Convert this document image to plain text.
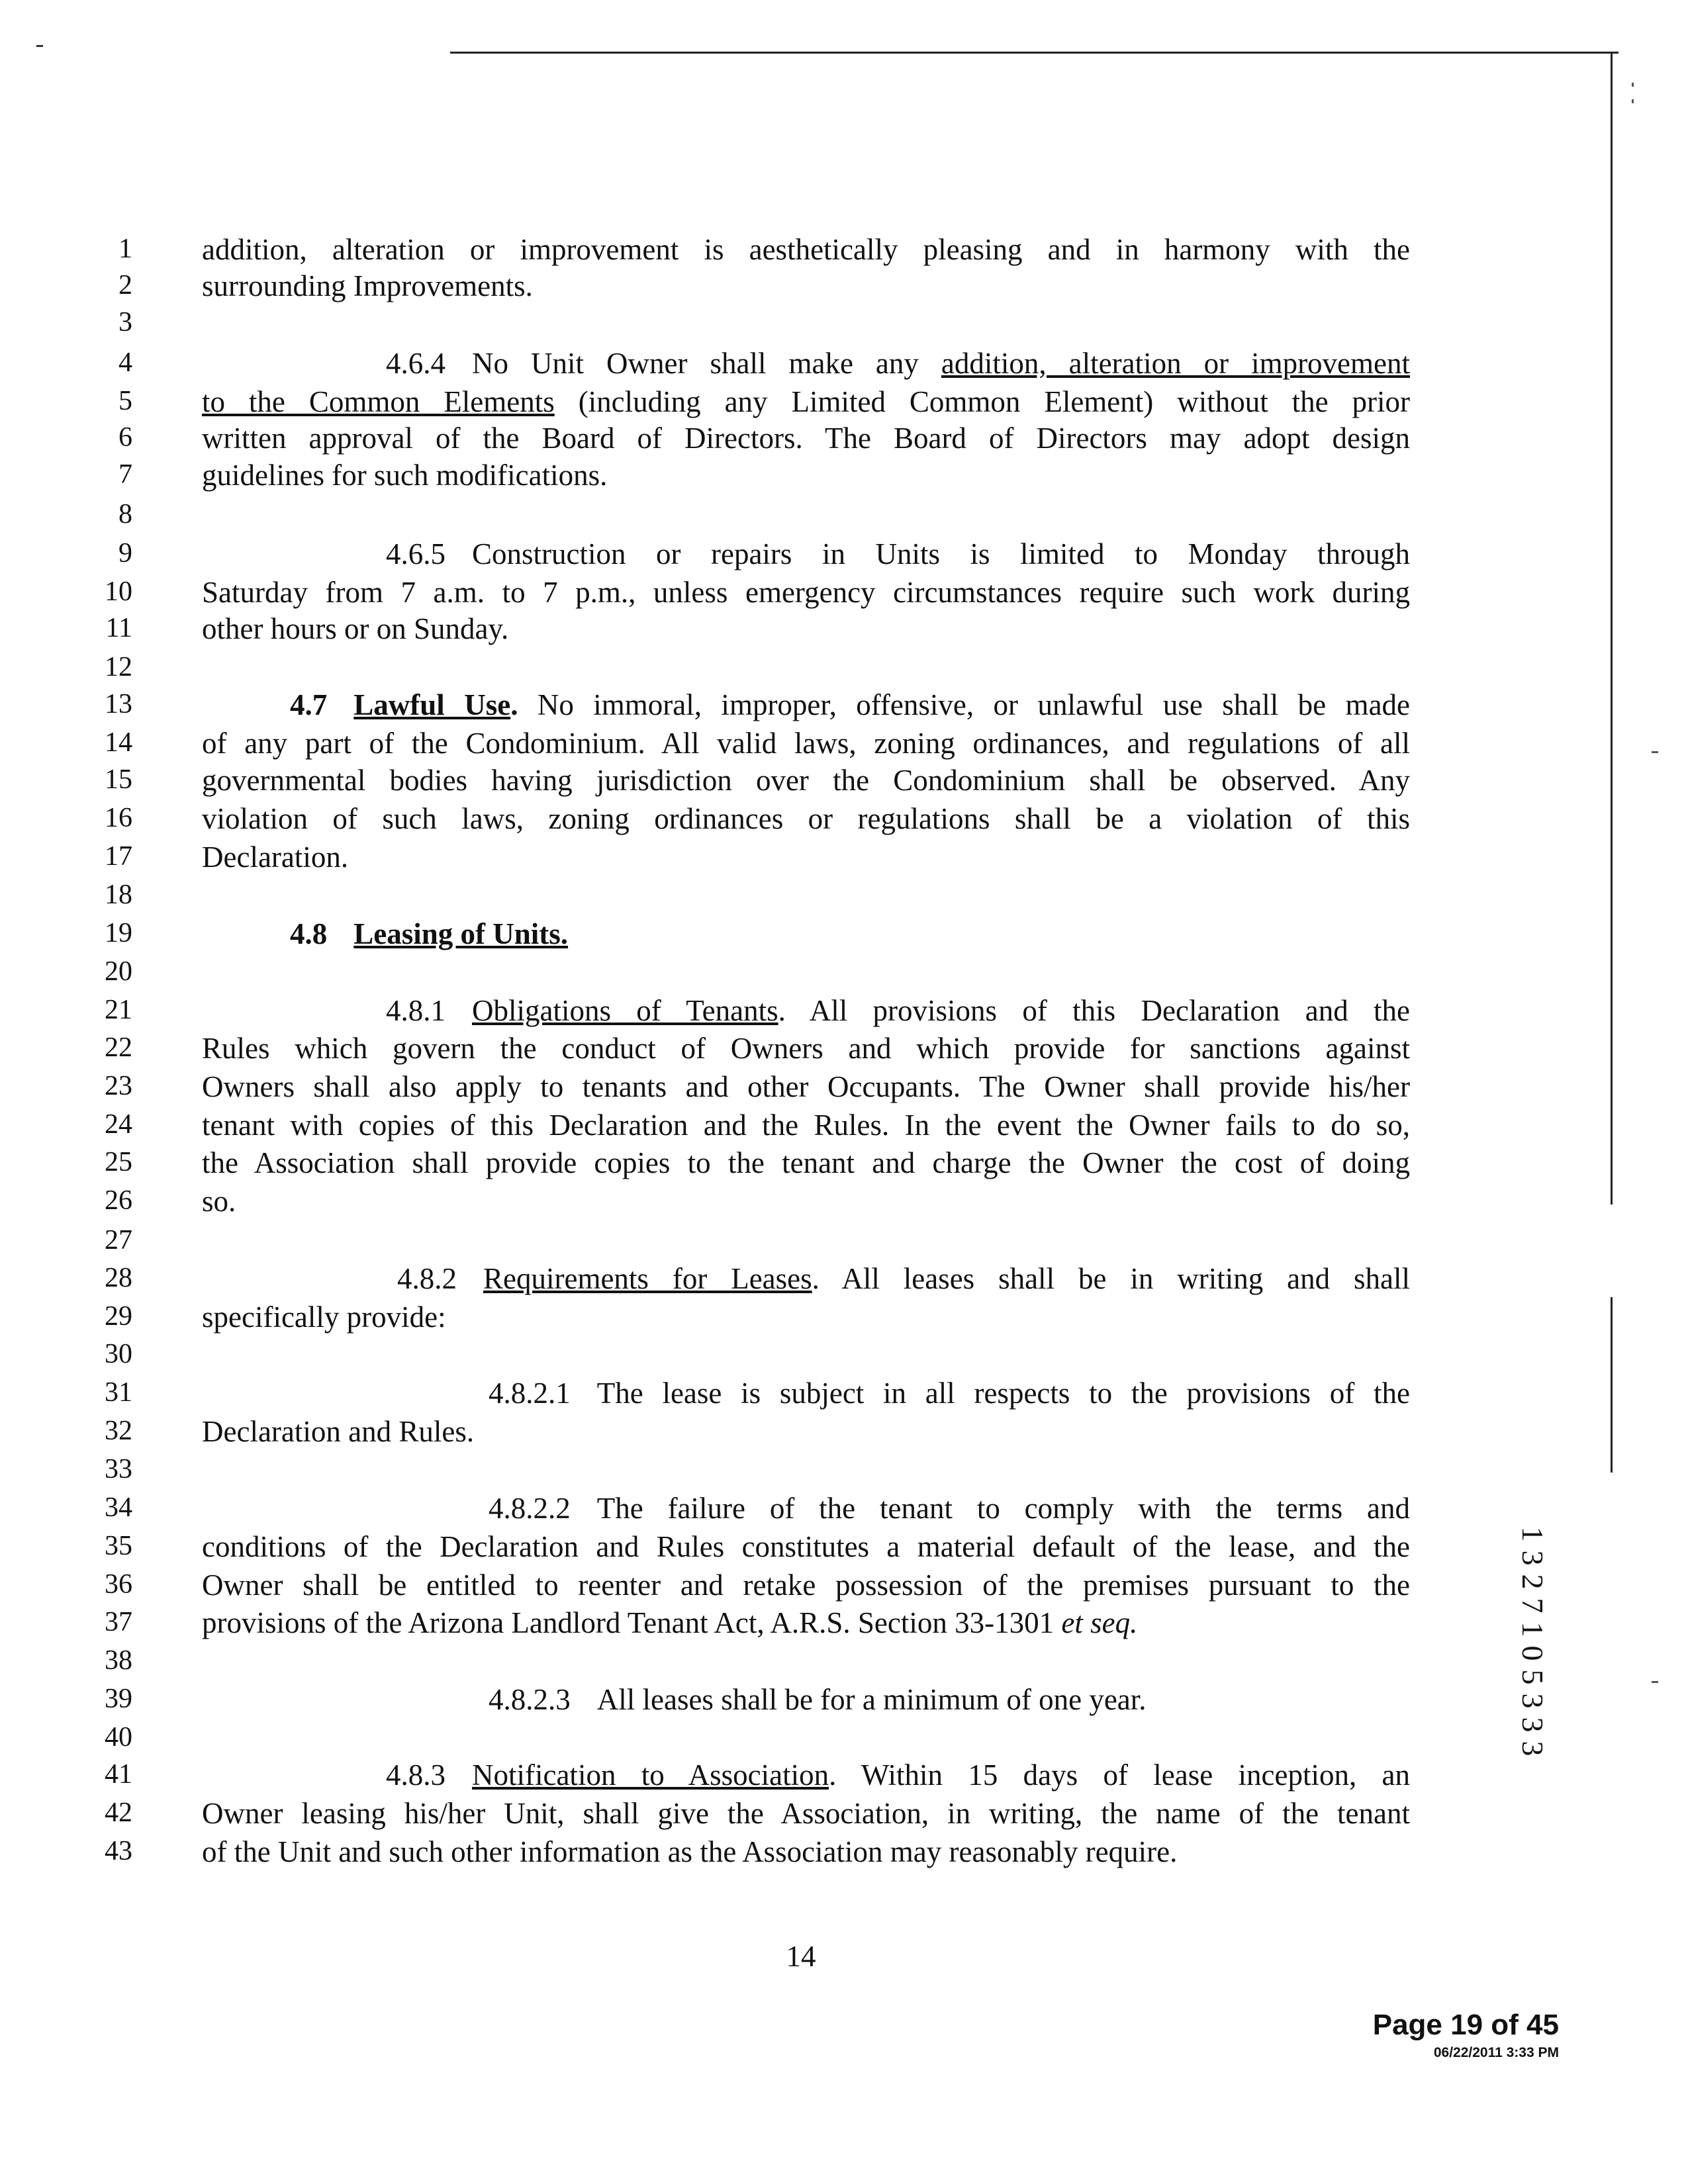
1
2
3
4
5
6
7
8
9
10
11
12
13
14
15
16
17
18
19
20
21
22
23
24
25
26
27
28
29
30
31
32
33
34
35
36
37
38
39
40
41
42
43
addition, alteration or improvement is aesthetically pleasing and in harmony with the
surrounding Improvements.
4.6.4 No Unit Owner shall make any addition, alteration or improvement
to the Common Elements (including any Limited Common Element) without the prior
written approval of the Board of Directors. The Board of Directors may adopt design
guidelines for such modifications.
4.6.5 Construction or repairs in Units is limited to Monday through
Saturday from 7 a.m. to 7 p.m., unless emergency circumstances require such work during
other hours or on Sunday.
4.7 Lawful Use. No immoral, improper, offensive, or unlawful use shall be made
of any part of the Condominium. All valid laws, zoning ordinances, and regulations of all
governmental bodies having jurisdiction over the Condominium shall be observed. Any
violation of such laws, zoning ordinances or regulations shall be a violation of this
Declaration.
4.8 Leasing of Units.
4.8.1 Obligations of Tenants. All provisions of this Declaration and the
Rules which govern the conduct of Owners and which provide for sanctions against
Owners shall also apply to tenants and other Occupants. The Owner shall provide his/her
tenant with copies of this Declaration and the Rules. In the event the Owner fails to do so,
the Association shall provide copies to the tenant and charge the Owner the cost of doing
so.
4.8.2 Requirements for Leases. All leases shall be in writing and shall
specifically provide:
4.8.2.1 The lease is subject in all respects to the provisions of the
Declaration and Rules.
4.8.2.2 The failure of the tenant to comply with the terms and
conditions of the Declaration and Rules constitutes a material default of the lease, and the
Owner shall be entitled to reenter and retake possession of the premises pursuant to the
provisions of the Arizona Landlord Tenant Act, A.R.S. Section 33-1301 et seq.
4.8.2.3 All leases shall be for a minimum of one year.
4.8.3 Notification to Association. Within 15 days of lease inception, an
Owner leasing his/her Unit, shall give the Association, in writing, the name of the tenant
of the Unit and such other information as the Association may reasonably require.
14
1
3
2
7
1
0
5
3
3
3
Page 19 of 45
06/22/2011 3:33 PM
